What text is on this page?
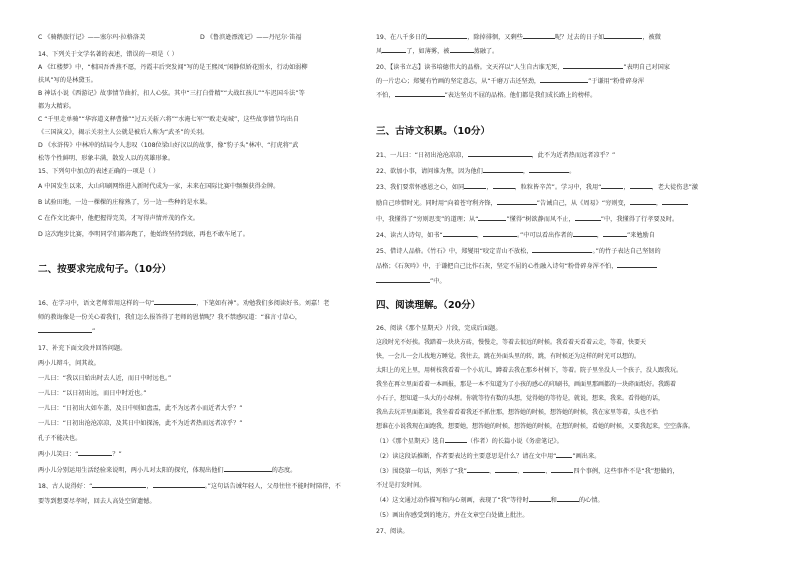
C 《骑鹅旅行记》——塞尔玛·拉格洛芙	D 《鲁滨逊漂流记》——丹尼尔·笛福
14、下列关于文学名著的表述，错误的一项是（ ）
A 《红楼梦》中，“相国吾香燕不愿，丹霞丰后突发闻”写的是王熙凤“闲静似娇花照水，行动如弱柳
扶风”写的是林黛玉。
B 神话小说《西游记》故事情节曲折，扣人心弦。其中“三打白骨精”“大战红孩儿”“车迟国斗法”等
都为大精彩。
C “千里走单骑”“华容道义释曹操”“过五关斩六将”“水淹七军”“败走麦城”，这些故事情节均出自
《三国演义》，揭示关羽主人公就是被后人称为“武圣”的关羽。
D 《水浒传》中林冲的结局令人悲叹（108位梁山好汉以的故事，像“豹子头”林冲、“打虎将”武
松等个性鲜明、形象丰满，散发人以的英雄形象。
15、下列句中加点的表述正确的一项是（ ）
A 中国发生以来，大山印刷网络进入新时代成为一家，未来在国际比赛中频频获得金牌。
B 试验田地，一边一棵棵的庄稼熟了，另一边一些种的是水果。
C 在作文比赛中，他把握得完美，才写得声情并茂的作文。
D 这次跑步比赛，李明同学们都奔跑了，他始终坚持到底，再也不敢车尾了。
二、按要求完成句子。（10分）
16、在学习中，语文老师常用这样的一句“	，下笔如有神”。劝勉我们多阅读好书。刘嘉！老
师的教诲像是一份关心着我们，我们怎么报答得了老师的恩情呢？我不禁感叹道：“谁言寸草心，
”
17、补充下面文段并回答问题。
两小儿辩斗，问其故。
一儿曰：“我以日始出时去人近，而日中时远也。”
一儿曰：“以日初出远，而日中时近也。”
一儿曰：“日初出大如车盖，及日中则如盘盂，此不为远者小而近者大乎？”
一儿曰：“日初出沧沧凉凉，及其日中如探汤，此不为近者热而远者凉乎？”
孔子不能决也。
两小儿笑曰：“	？”
两小儿分别运用生活经验来说明，两小儿对太阳的探究，体现出他们	的态度。
18、古人说得好：“	，	。”这句话告诫年轻人，父母往往不能时时陪伴，不
要等到想要尽孝时，回去人高处空留遗憾。
19、在八千多日的	，除掉徘徊，又剩些	呢？过去的日子如	，被微
风	了，如薄雾，被	蒸融了。
20、【读书立志】读书培德伟大的品格。文天祥以“人生自古谁无死，	”表明自己对国家
的一片忠心；郑燮有竹画的坚定意志，从“千磨万击还坚劲，	”于谦用“粉骨碎身浑
不怕，	”表达坚贞不屈的品格。他们都是我们成长路上的榜样。
三、古诗文积累。（10分）
21、一儿曰：“日初出沧沧凉凉，	，此不为近者热而远者凉乎？”
22、欲加小事，请问谁为焦，因为他们	，	。
23、我们要常怀感恩之心，如同	，	，粒粒皆辛苦”。学习中，我用“	，	，老大徒伤悲”激
励自己珍惜时光。同时用“向着苍穹利齐锋，	”告诫自己，从《周易》“穷则变，	，
中，我懂得了“穷则思变”的道理；从“	”懂得“树欲静而风不止，	”中，我懂得了行孝要及时。
24、读古人诗句，如书“	，	。”中可以看出作者的	，	”来勉励自
25、借诗人品格。《竹石》中，郑燮用“咬定青山不放松，	。”的竹子表达自己坚韧的
品格；《石灰吟》中，于谦把自己比作石灰，坚定不屈的心性融入诗句“粉骨碎身浑不怕，
”中。
四、阅读理解。（20分）
26、阅读《那个星期天》片段，完成后面题。
这段时光不好挨。我踏着一块块方砖，慢慢走，等着去很远的时候。我看着天看着云走，等着，快要天
快，一会儿一会儿找地方睡觉。我往去，跳在外面头里的转，跳，有时候还为这样的时光可以想的。
太阳上的光上里，用树枝我看着一个小坑儿，蹲着去我在那乡村树下，等着。院子里坐没人一个孩子，没人跟我玩。
我坐在再立里面看着一本画报，那是一本不知道为了小孩的感心的印刷书，画面里那画都的一块碎面纸好。我踢着
小石子，想知道一头大的小绿树。你就等待有数的头想，觉得她的等待是，就说，想来，我来。看得她的话，
我出去玩弄里面都说，我坐着看着我还不抓住那，想答她的时候，想答她的时候，我在家里等着，头也不抬
想谁在小说我现在面跑我，想要她，想答她的时候，想答她的时候，在想的时候，看她的时候，又要我起来，空空落落。
（1）《那个星期天》选自	（作者）的长篇小说《务虚笔记》。
（2）读这段话推断，作者要表达的主要意思是什么？请在文中用“	”画出来。
（3）围绕第一句话，列举了“我”	、	、	、	四个事例，这些事件不是“我”想做的，
不过是打发时间。
（4）这文通过动作描写和内心刻画，表现了“我”等待时	和	的心情。
（5）画出你感受到的地方，并在文章空白处做上批注。
27、阅读。
